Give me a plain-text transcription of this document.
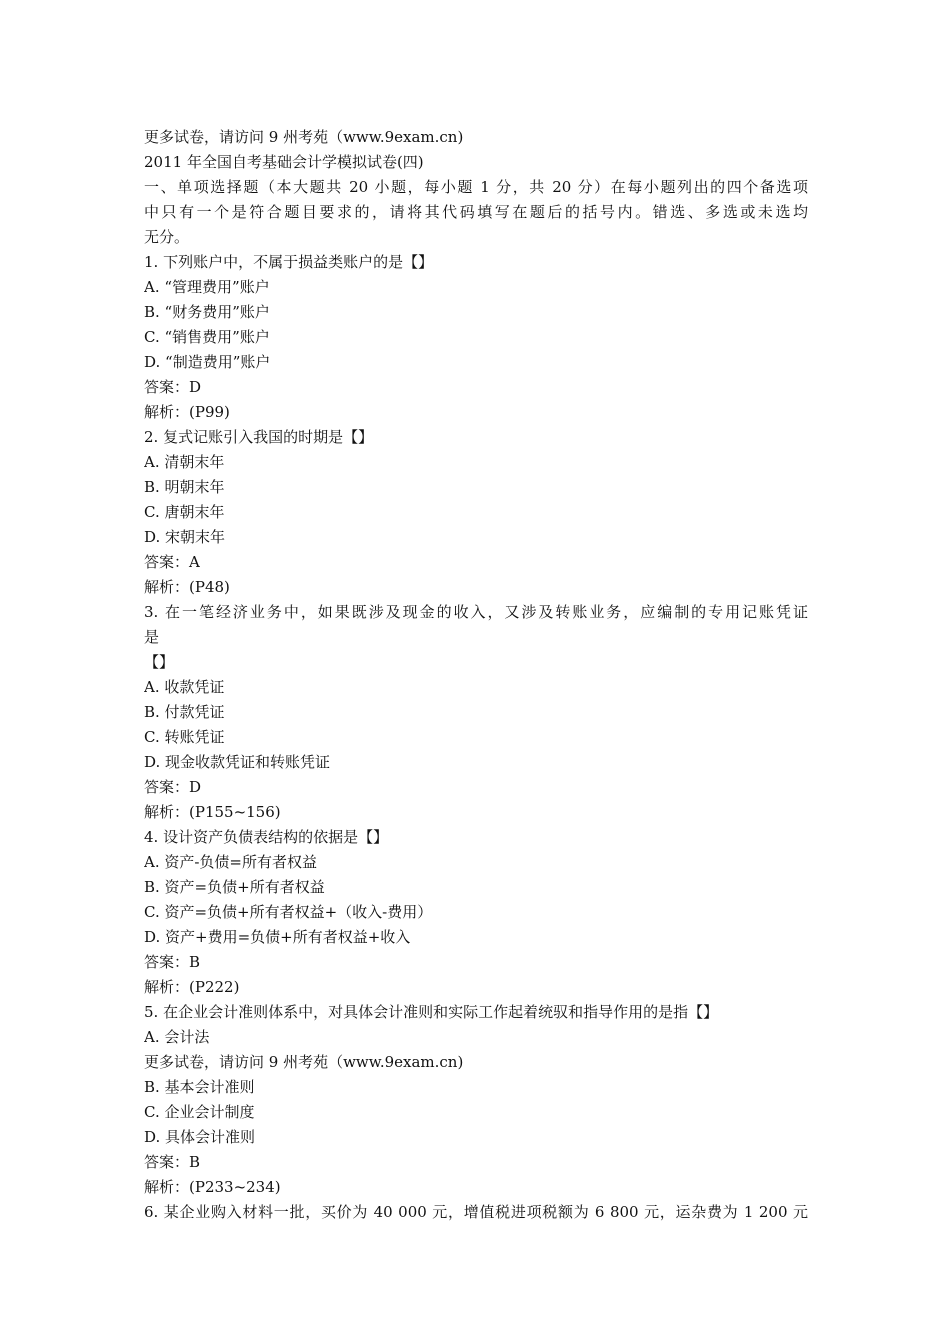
更多试卷，请访问 9 州考苑（www.9exam.cn)
2011 年全国自考基础会计学模拟试卷(四)
一、单项选择题（本大题共 20 小题，每小题 1 分，共 20 分）在每小题列出的四个备选项
中只有一个是符合题目要求的，请将其代码填写在题后的括号内。错选、多选或未选均
无分。
1. 下列账户中，不属于损益类账户的是【】
A. “管理费用”账户
B. “财务费用”账户
C. “销售费用”账户
D. “制造费用”账户
答案：D
解析：(P99)
2. 复式记账引入我国的时期是【】
A. 清朝末年
B. 明朝末年
C. 唐朝末年
D. 宋朝末年
答案：A
解析：(P48)
3. 在一笔经济业务中，如果既涉及现金的收入，又涉及转账业务，应编制的专用记账凭证
是
【】
A. 收款凭证
B. 付款凭证
C. 转账凭证
D. 现金收款凭证和转账凭证
答案：D
解析：(P155~156)
4. 设计资产负债表结构的依据是【】
A. 资产-负债=所有者权益
B. 资产=负债+所有者权益
C. 资产=负债+所有者权益+（收入-费用）
D. 资产+费用=负债+所有者权益+收入
答案：B
解析：(P222)
5. 在企业会计准则体系中，对具体会计准则和实际工作起着统驭和指导作用的是指【】
A. 会计法
更多试卷，请访问 9 州考苑（www.9exam.cn)
B. 基本会计准则
C. 企业会计制度
D. 具体会计准则
答案：B
解析：(P233~234)
6. 某企业购入材料一批，买价为 40 000 元，增值税进项税额为 6 800 元，运杂费为 1 200 元
